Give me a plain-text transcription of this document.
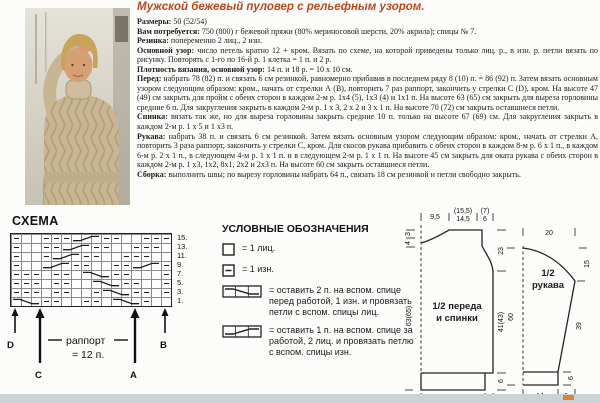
Мужской бежевый пуловер с рельефным узором.

Размеры: 50 (52/54)

Вам потребуется: 750 (800) г бежевой пряжи (80% мериносовой шерсти, 20% акрила); спицы № 7.

Резинка: попеременно 2 лиц., 2 изн.

Основной узор: число петель кратно 12 + кром. Вязать по схеме, на которой приведены только лиц. р., в изн. р. петли вязать по рисунку. Повторять с 1-го по 16-й р. 1 клетка = 1 п. и 2 р.

Плотность вязания, основной узор: 14 п. и 18 р. = 10 х 10 см.

Перед: набрать 78 (82) п. и связать 6 см резинкой, равномерно прибавив в последнем ряду 8 (10) п. = 86 (92) п. Затем вязать основным узором следующим образом: кром., начать от стрелки А (В), повторить 7 раз раппорт, закончить у стрелки С (D), кром. На высоте 47 (49) см закрыть для пройм с обеих сторон в каждом 2-м р. 1х4 (5), 1х3 (4) и 1х1 п. На высоте 63 (65) см закрыть для выреза горловины средние 6 п. Для закругления закрыть в каждом 2-м р. 1 х 3, 2 х 2 и 3 х 1 п. На высоте 70 (72) см закрыть оставшиеся петли.

Спинка: вязать так же, но для выреза горловины закрыть средние 10 п. только на высоте 67 (69) см. Для закругления закрыть в каждом 2-м р. 1 х 5 и 1 х3 п.

Рукава: набрать 38 п. и связать 6 см резинкой. Затем вязать основным узором следующим образом: кром., начать от стрелки А, повторить 3 раза раппорт, закончить у стрелки С, кром. Для скосов рукава прибавить с обеих сторон в каждом 8-м р. 6 х 1 п., в каждом 6-м р. 2 х 1 п., в следующем 4-м р. 1 х 1 п. и в следующем 2-м р. 1 х 1 п. На высоте 45 см закрыть для оката рукава с обеих сторон в каждом 2-м р. 1 х3, 1х2, 8х1, 2х2 и 2х3 п. На высоте 60 см закрыть оставшиеся петли.

Сборка: выполнить швы; по вырезу горловины набрать 64 п., связать 18 см резинкой и петли свободно закрыть.

СХЕМА
15.
13.
11.
9.
7.
5.
3.
1.
D
C	A
B
раппорт
= 12 п.
УСЛОВНЫЕ ОБОЗНАЧЕНИЯ
= 1 лиц.
= 1 изн.
= оставить 2 п. на вспом. спице перед работой, 1 изн. и провязать петли с вспом. спицы лиц.
= оставить 1 п. на вспом. спице за работой, 2 лиц. и провязать петлю с вспом. спицы изн.
9,5
(15,5)
14,5
(7)
6
3
4
63(65)
23
41(43)
6
1/2 переда
и спинки
20
60
15
39
6
1/2
рукава
